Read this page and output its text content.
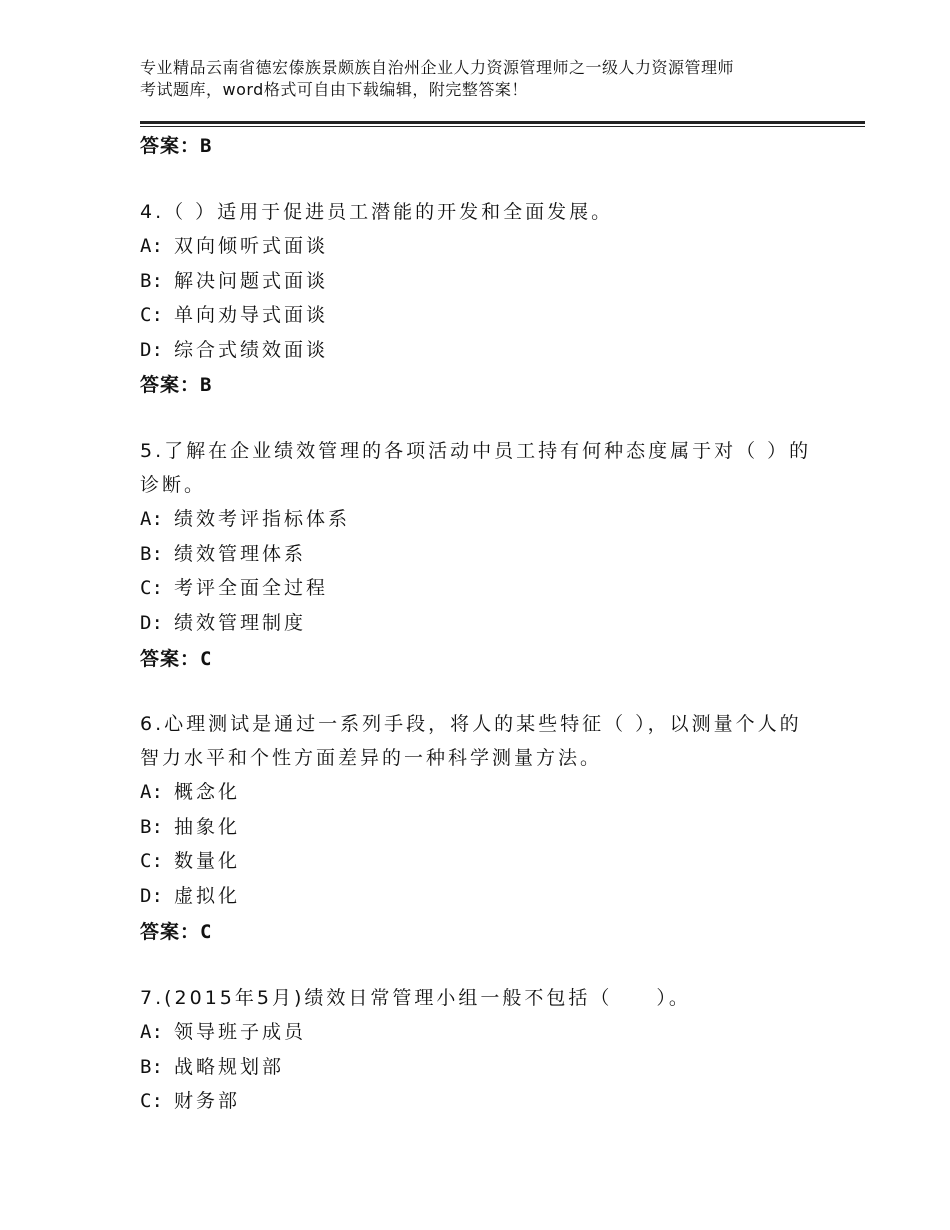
专业精品云南省德宏傣族景颇族自治州企业人力资源管理师之一级人力资源管理师
考试题库，word格式可自由下载编辑，附完整答案！
答案：B
4.（ ）适用于促进员工潜能的开发和全面发展。
A: 双向倾听式面谈
B: 解决问题式面谈
C: 单向劝导式面谈
D: 综合式绩效面谈
答案：B
5.了解在企业绩效管理的各项活动中员工持有何种态度属于对（ ）的
诊断。
A: 绩效考评指标体系
B: 绩效管理体系
C: 考评全面全过程
D: 绩效管理制度
答案：C
6.心理测试是通过一系列手段，将人的某些特征（ ），以测量个人的
智力水平和个性方面差异的一种科学测量方法。
A: 概念化
B: 抽象化
C: 数量化
D: 虚拟化
答案：C
7.(2015年5月)绩效日常管理小组一般不包括（　　）。
A: 领导班子成员
B: 战略规划部
C: 财务部
